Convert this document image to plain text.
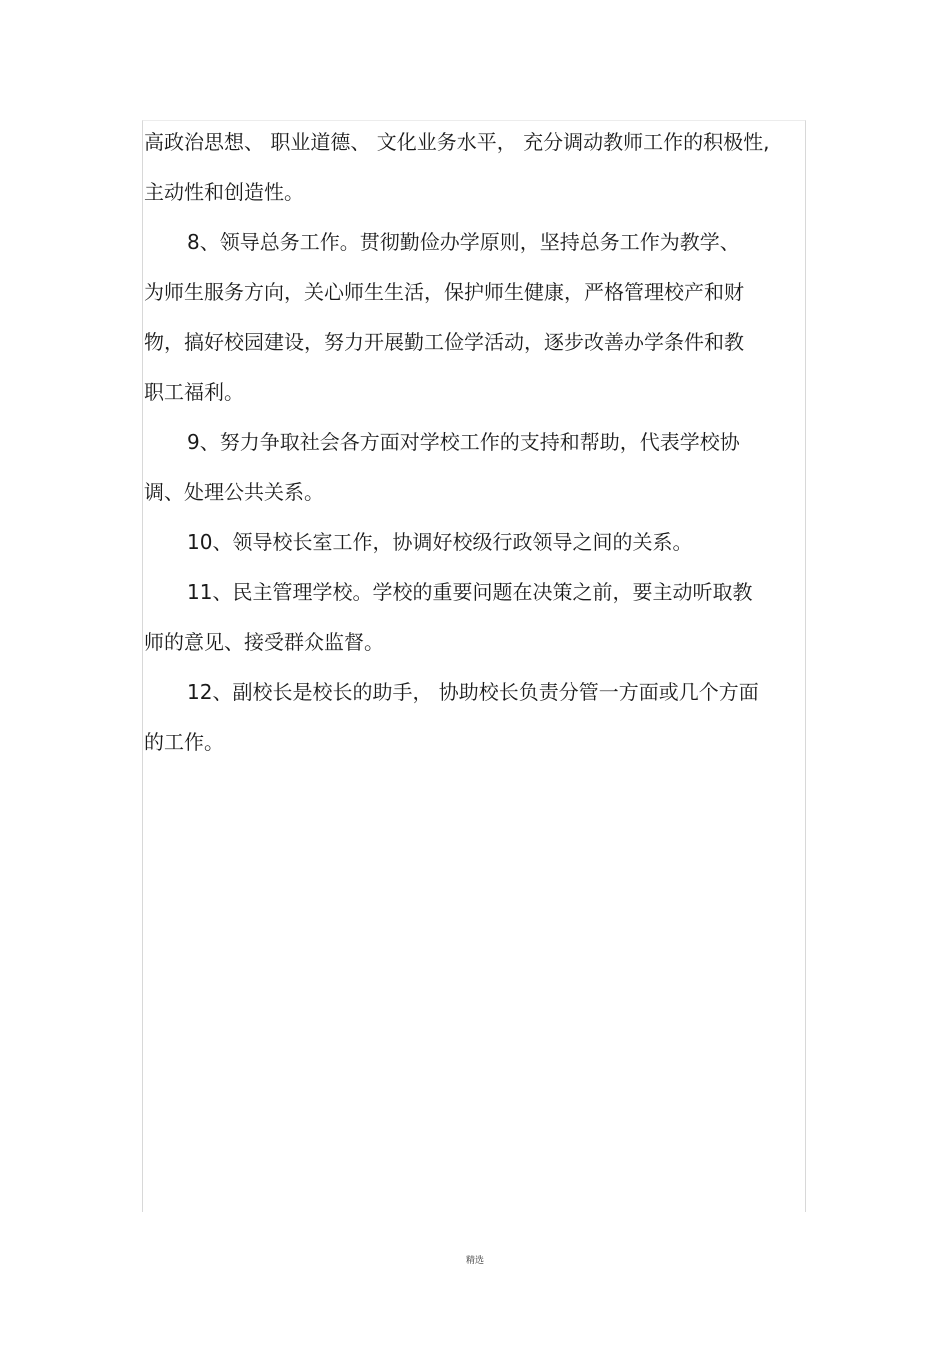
高政治思想、 职业道德、 文化业务水平， 充分调动教师工作的积极性,
主动性和创造性。
8、领导总务工作。贯彻勤俭办学原则，坚持总务工作为教学、
为师生服务方向，关心师生生活，保护师生健康，严格管理校产和财
物，搞好校园建设，努力开展勤工俭学活动，逐步改善办学条件和教
职工福利。
9、努力争取社会各方面对学校工作的支持和帮助，代表学校协
调、处理公共关系。
10、领导校长室工作，协调好校级行政领导之间的关系。
11、民主管理学校。学校的重要问题在决策之前，要主动听取教
师的意见、接受群众监督。
12、副校长是校长的助手， 协助校长负责分管一方面或几个方面
的工作。
精选
